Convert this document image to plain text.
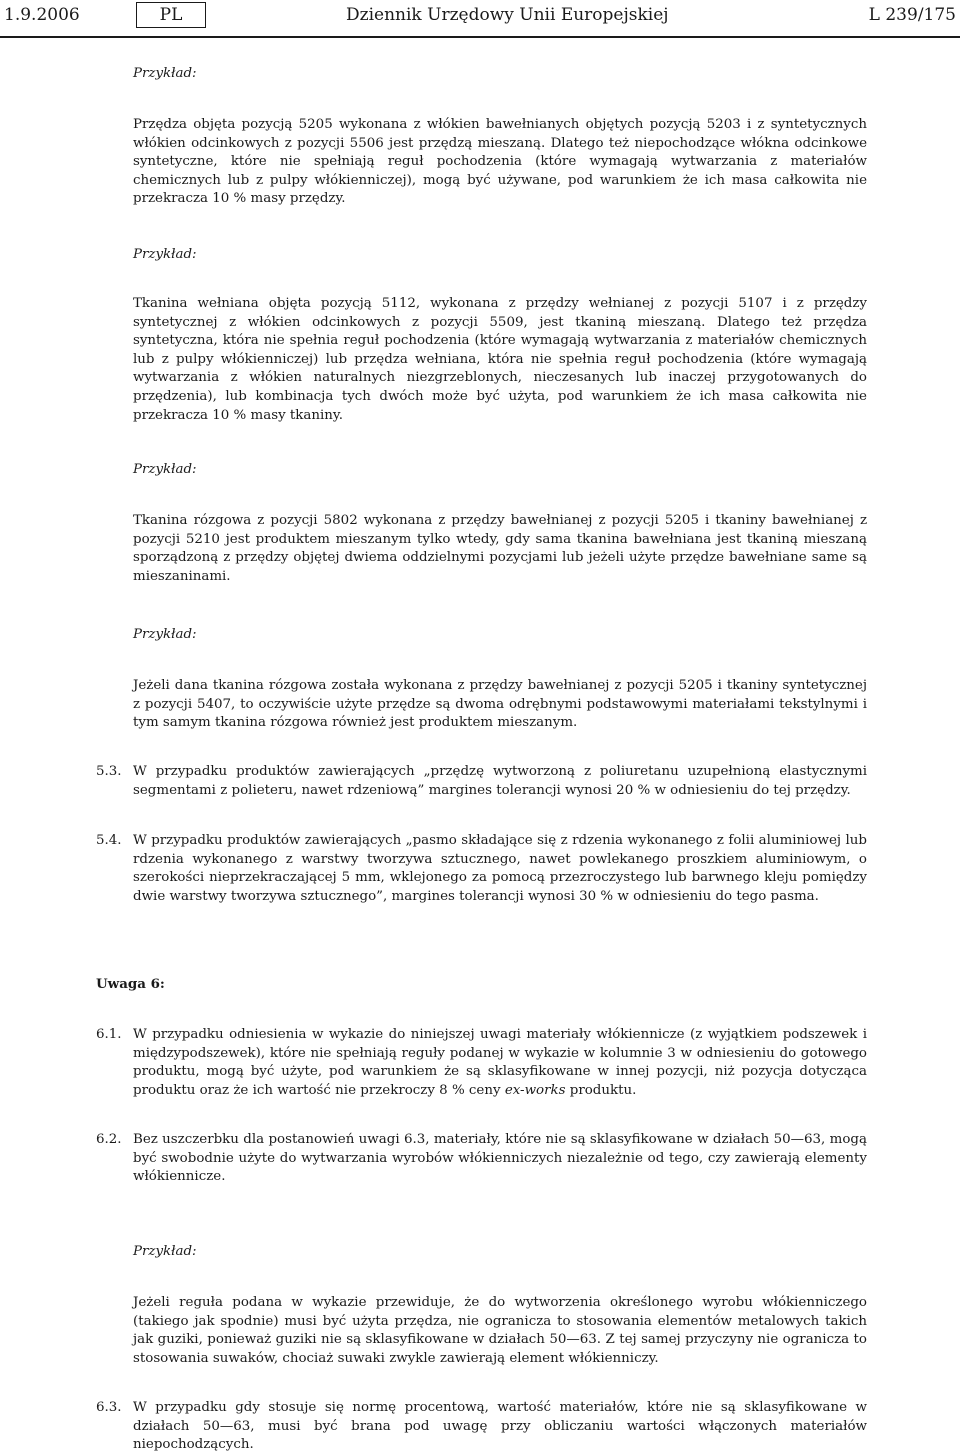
1.9.2006	PL	Dziennik Urzędowy Unii Europejskiej	L 239/175
Przykład:
Przędza objęta pozycją 5205 wykonana z włókien bawełnianych objętych pozycją 5203 i z syntetycznych włókien odcinkowych z pozycji 5506 jest przędzą mieszaną. Dlatego też niepochodzące włókna odcinkowe syntetyczne, które nie spełniają reguł pochodzenia (które wymagają wytwarzania z materiałów chemicznych lub z pulpy włókienniczej), mogą być używane, pod warunkiem że ich masa całkowita nie przekracza 10 % masy przędzy.
Przykład:
Tkanina wełniana objęta pozycją 5112, wykonana z przędzy wełnianej z pozycji 5107 i z przędzy syntetycznej z włókien odcinkowych z pozycji 5509, jest tkaniną mieszaną. Dlatego też przędza syntetyczna, która nie spełnia reguł pochodzenia (które wymagają wytwarzania z materiałów chemicznych lub z pulpy włókienniczej) lub przędza wełniana, która nie spełnia reguł pochodzenia (które wymagają wytwarzania z włókien naturalnych niezgrzeblonych, nieczesanych lub inaczej przygotowanych do przędzenia), lub kombinacja tych dwóch może być użyta, pod warunkiem że ich masa całkowita nie przekracza 10 % masy tkaniny.
Przykład:
Tkanina rózgowa z pozycji 5802 wykonana z przędzy bawełnianej z pozycji 5205 i tkaniny bawełnianej z pozycji 5210 jest produktem mieszanym tylko wtedy, gdy sama tkanina bawełniana jest tkaniną mieszaną sporządzoną z przędzy objętej dwiema oddzielnymi pozycjami lub jeżeli użyte przędze bawełniane same są mieszaninami.
Przykład:
Jeżeli dana tkanina rózgowa została wykonana z przędzy bawełnianej z pozycji 5205 i tkaniny syntetycznej z pozycji 5407, to oczywiście użyte przędze są dwoma odrębnymi podstawowymi materiałami tekstylnymi i tym samym tkanina rózgowa również jest produktem mieszanym.
5.3. W przypadku produktów zawierających „przędzę wytworzoną z poliuretanu uzupełnioną elastycznymi segmentami z polieteru, nawet rdzeniową” margines tolerancji wynosi 20 % w odniesieniu do tej przędzy.
5.4. W przypadku produktów zawierających „pasmo składające się z rdzenia wykonanego z folii aluminiowej lub rdzenia wykonanego z warstwy tworzywa sztucznego, nawet powlekanego proszkiem aluminiowym, o szerokości nieprzekraczającej 5 mm, wklejonego za pomocą przezroczystego lub barwnego kleju pomiędzy dwie warstwy tworzywa sztucznego”, margines tolerancji wynosi 30 % w odniesieniu do tego pasma.
Uwaga 6:
6.1. W przypadku odniesienia w wykazie do niniejszej uwagi materiały włókiennicze (z wyjątkiem podszewek i międzypodszewek), które nie spełniają reguły podanej w wykazie w kolumnie 3 w odniesieniu do gotowego produktu, mogą być użyte, pod warunkiem że są sklasyfikowane w innej pozycji, niż pozycja dotycząca produktu oraz że ich wartość nie przekroczy 8 % ceny ex-works produktu.
6.2. Bez uszczerbku dla postanowień uwagi 6.3, materiały, które nie są sklasyfikowane w działach 50—63, mogą być swobodnie użyte do wytwarzania wyrobów włókienniczych niezależnie od tego, czy zawierają elementy włókiennicze.
Przykład:
Jeżeli reguła podana w wykazie przewiduje, że do wytworzenia określonego wyrobu włókienniczego (takiego jak spodnie) musi być użyta przędza, nie ogranicza to stosowania elementów metalowych takich jak guziki, ponieważ guziki nie są sklasyfikowane w działach 50—63. Z tej samej przyczyny nie ogranicza to stosowania suwaków, chociaż suwaki zwykle zawierają element włókienniczy.
6.3. W przypadku gdy stosuje się normę procentową, wartość materiałów, które nie są sklasyfikowane w działach 50—63, musi być brana pod uwagę przy obliczaniu wartości włączonych materiałów niepochodzących.
